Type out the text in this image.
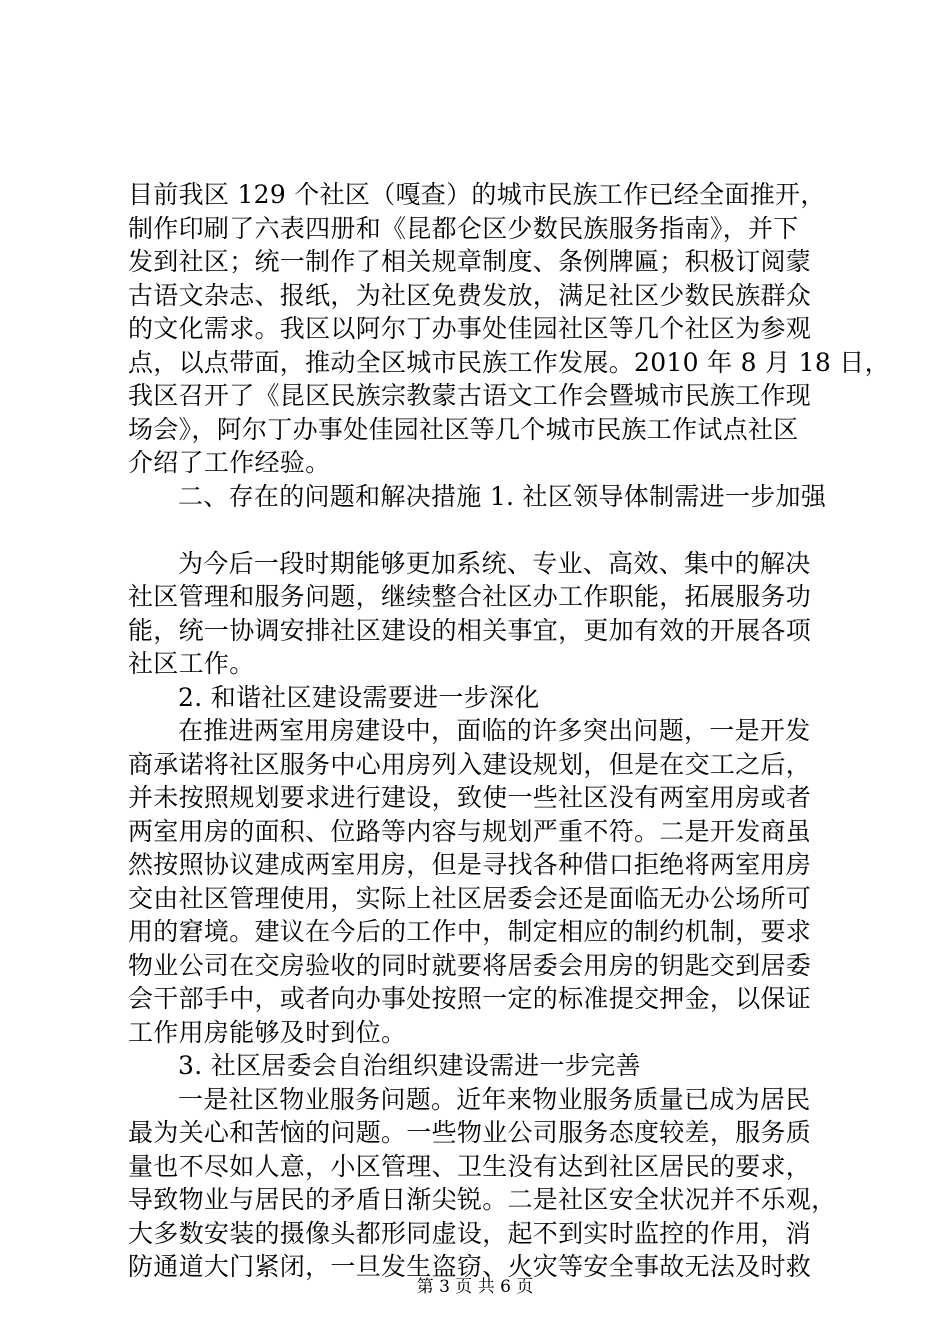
目前我区 129 个社区（嘎查）的城市民族工作已经全面推开，
制作印刷了六表四册和《昆都仑区少数民族服务指南》，并下
发到社区；统一制作了相关规章制度、条例牌匾；积极订阅蒙
古语文杂志、报纸，为社区免费发放，满足社区少数民族群众
的文化需求。我区以阿尔丁办事处佳园社区等几个社区为参观
点，以点带面，推动全区城市民族工作发展。2010 年 8 月 18 日，
我区召开了《昆区民族宗教蒙古语文工作会暨城市民族工作现
场会》，阿尔丁办事处佳园社区等几个城市民族工作试点社区
介绍了工作经验。
二、存在的问题和解决措施 1. 社区领导体制需进一步加强
为今后一段时期能够更加系统、专业、高效、集中的解决
社区管理和服务问题，继续整合社区办工作职能，拓展服务功
能，统一协调安排社区建设的相关事宜，更加有效的开展各项
社区工作。
2. 和谐社区建设需要进一步深化
在推进两室用房建设中，面临的许多突出问题，一是开发
商承诺将社区服务中心用房列入建设规划，但是在交工之后，
并未按照规划要求进行建设，致使一些社区没有两室用房或者
两室用房的面积、位路等内容与规划严重不符。二是开发商虽
然按照协议建成两室用房，但是寻找各种借口拒绝将两室用房
交由社区管理使用，实际上社区居委会还是面临无办公场所可
用的窘境。建议在今后的工作中，制定相应的制约机制，要求
物业公司在交房验收的同时就要将居委会用房的钥匙交到居委
会干部手中，或者向办事处按照一定的标准提交押金，以保证
工作用房能够及时到位。
3. 社区居委会自治组织建设需进一步完善
一是社区物业服务问题。近年来物业服务质量已成为居民
最为关心和苦恼的问题。一些物业公司服务态度较差，服务质
量也不尽如人意，小区管理、卫生没有达到社区居民的要求，
导致物业与居民的矛盾日渐尖锐。二是社区安全状况并不乐观，
大多数安装的摄像头都形同虚设，起不到实时监控的作用，消
防通道大门紧闭，一旦发生盗窃、火灾等安全事故无法及时救
第 3 页 共 6 页
